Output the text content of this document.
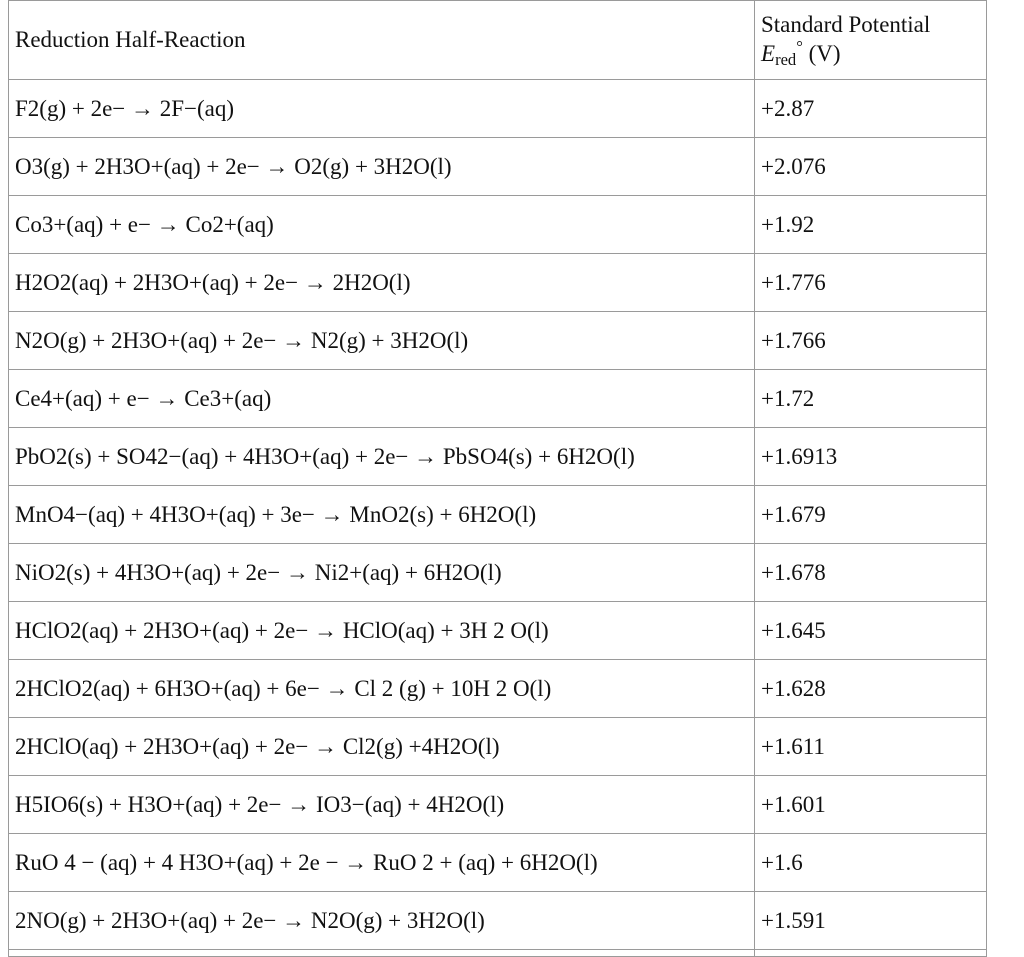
Reduction Half-Reaction	Standard Potential
$E_{red}^\circ$ (V)
F2(g) + 2e− → 2F−(aq)	+2.87
O3(g) + 2H3O+(aq) + 2e− → O2(g) + 3H2O(l)	+2.076
Co3+(aq) + e− → Co2+(aq)	+1.92
H2O2(aq) + 2H3O+(aq) + 2e− → 2H2O(l)	+1.776
N2O(g) + 2H3O+(aq) + 2e− → N2(g) + 3H2O(l)	+1.766
Ce4+(aq) + e− → Ce3+(aq)	+1.72
PbO2(s) + SO42−(aq) + 4H3O+(aq) + 2e− → PbSO4(s) + 6H2O(l)	+1.6913
MnO4−(aq) + 4H3O+(aq) + 3e− → MnO2(s) + 6H2O(l)	+1.679
NiO2(s) + 4H3O+(aq) + 2e− → Ni2+(aq) + 6H2O(l)	+1.678
HClO2(aq) + 2H3O+(aq) + 2e− → HClO(aq) + 3H 2 O(l)	+1.645
2HClO2(aq) + 6H3O+(aq) + 6e− → Cl 2 (g) + 10H 2 O(l)	+1.628
2HClO(aq) + 2H3O+(aq) + 2e− → Cl2(g) +4H2O(l)	+1.611
H5IO6(s) + H3O+(aq) + 2e− → IO3−(aq) + 4H2O(l)	+1.601
RuO 4 − (aq) + 4 H3O+(aq) + 2e − → RuO 2 + (aq) + 6H2O(l)	+1.6
2NO(g) + 2H3O+(aq) + 2e− → N2O(g) + 3H2O(l)	+1.591
